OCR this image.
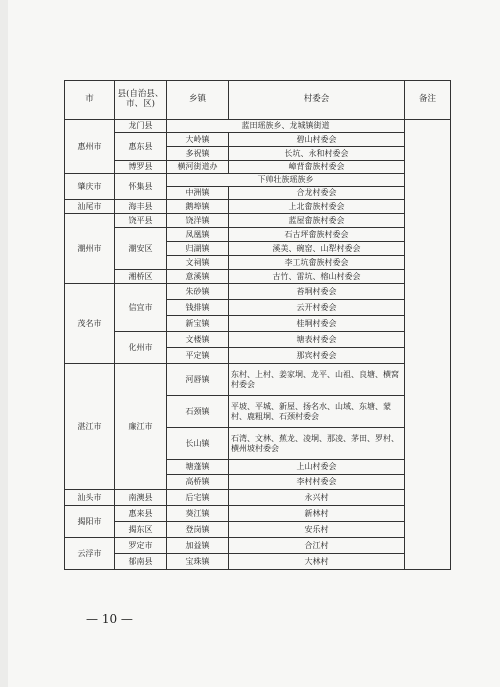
市	县(自治县、市、区)	乡镇	村委会	备注
惠州市	龙门县	蓝田瑶族乡、龙城镇街道		
	惠东县	大岭镇	碧山村委会	
		多祝镇	长坑、永和村委会	
	博罗县	横河街道办	嶂背畲族村委会	
肇庆市	怀集县	下帅壮族瑶族乡		
		中洲镇	合龙村委会	
汕尾市	海丰县	鹅埠镇	上北畲族村委会	
潮州市	饶平县	饶洋镇	蓝屋畲族村委会	
	潮安区	凤凰镇	石古坪畲族村委会	
		归湖镇	溪美、碗窑、山犁村委会	
		文祠镇	李工坑畲族村委会	
	湘桥区	意溪镇	古竹、雷坑、榕山村委会	
茂名市	信宜市	朱砂镇	苔垌村委会	
		钱排镇	云开村委会	
		新宝镇	桂垌村委会	
	化州市	文楼镇	塘表村委会	
		平定镇	那宾村委会	
湛江市	廉江市	河唇镇	东村、上村、姜家垌、龙平、山祖、良塘、横窝村委会	
		石颈镇	平坡、平城、新屋、扬名水、山域、东塘、蒙村、鹿粗垌、石颈村委会	
		长山镇	石湾、文林、蕉龙、凌垌、那凌、茅田、罗村、横州坡村委会	
		塘蓬镇	上山村委会	
		高桥镇	李村村委会	
汕头市	南澳县	后宅镇	永兴村	
揭阳市	惠来县	葵江镇	新林村	
	揭东区	登岗镇	安乐村	
云浮市	罗定市	加益镇	合江村	
	郁南县	宝珠镇	大林村	
— 10 —
